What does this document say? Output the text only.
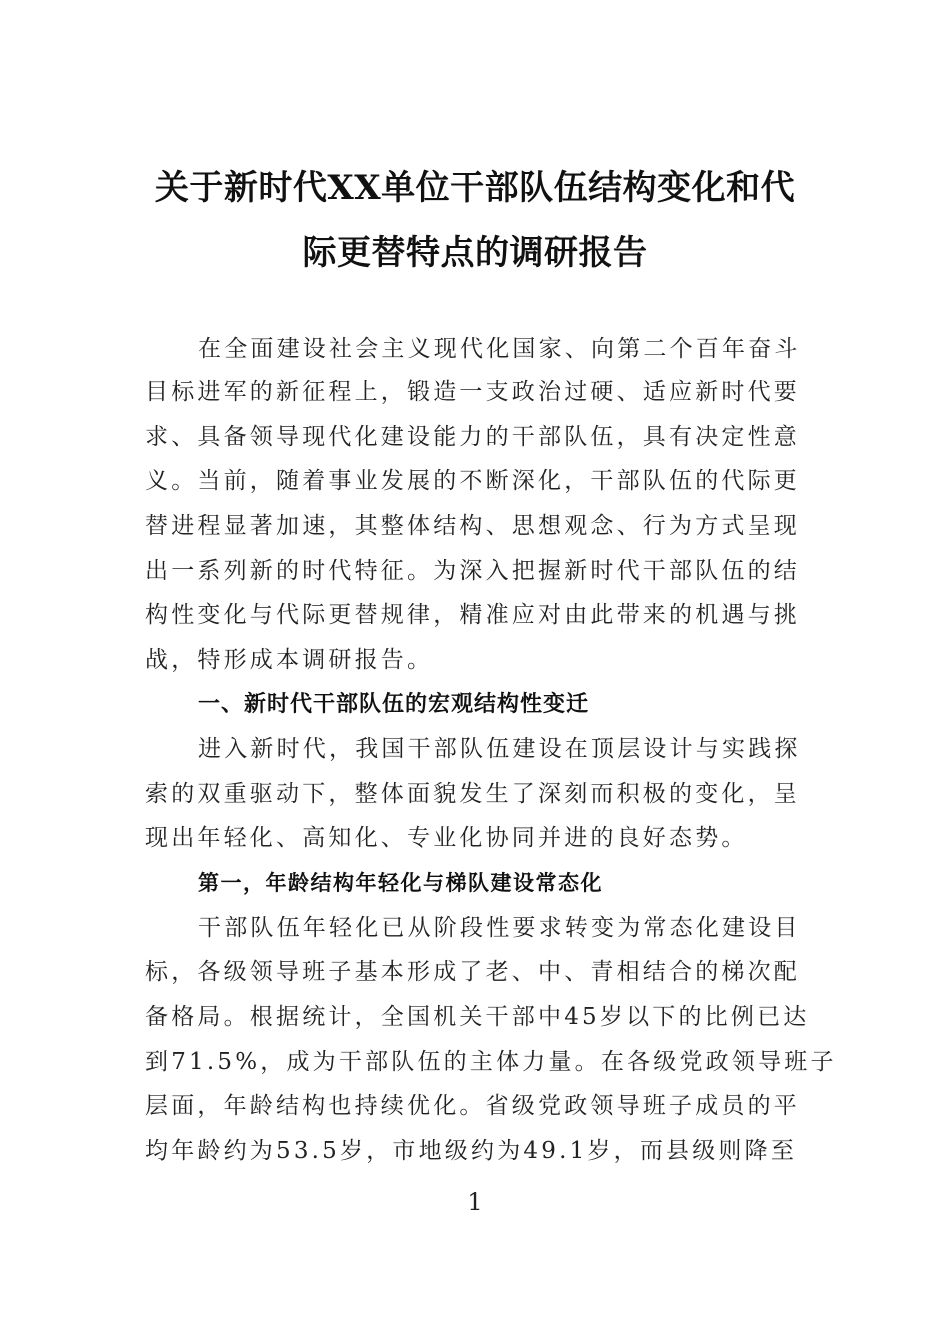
关于新时代XX单位干部队伍结构变化和代
际更替特点的调研报告
在全面建设社会主义现代化国家、向第二个百年奋斗
目标进军的新征程上，锻造一支政治过硬、适应新时代要
求、具备领导现代化建设能力的干部队伍，具有决定性意
义。当前，随着事业发展的不断深化，干部队伍的代际更
替进程显著加速，其整体结构、思想观念、行为方式呈现
出一系列新的时代特征。为深入把握新时代干部队伍的结
构性变化与代际更替规律，精准应对由此带来的机遇与挑
战，特形成本调研报告。
一、新时代干部队伍的宏观结构性变迁
进入新时代，我国干部队伍建设在顶层设计与实践探
索的双重驱动下，整体面貌发生了深刻而积极的变化，呈
现出年轻化、高知化、专业化协同并进的良好态势。
第一，年龄结构年轻化与梯队建设常态化
干部队伍年轻化已从阶段性要求转变为常态化建设目
标，各级领导班子基本形成了老、中、青相结合的梯次配
备格局。根据统计，全国机关干部中45岁以下的比例已达
到71.5%，成为干部队伍的主体力量。在各级党政领导班子
层面，年龄结构也持续优化。省级党政领导班子成员的平
均年龄约为53.5岁，市地级约为49.1岁，而县级则降至
1
